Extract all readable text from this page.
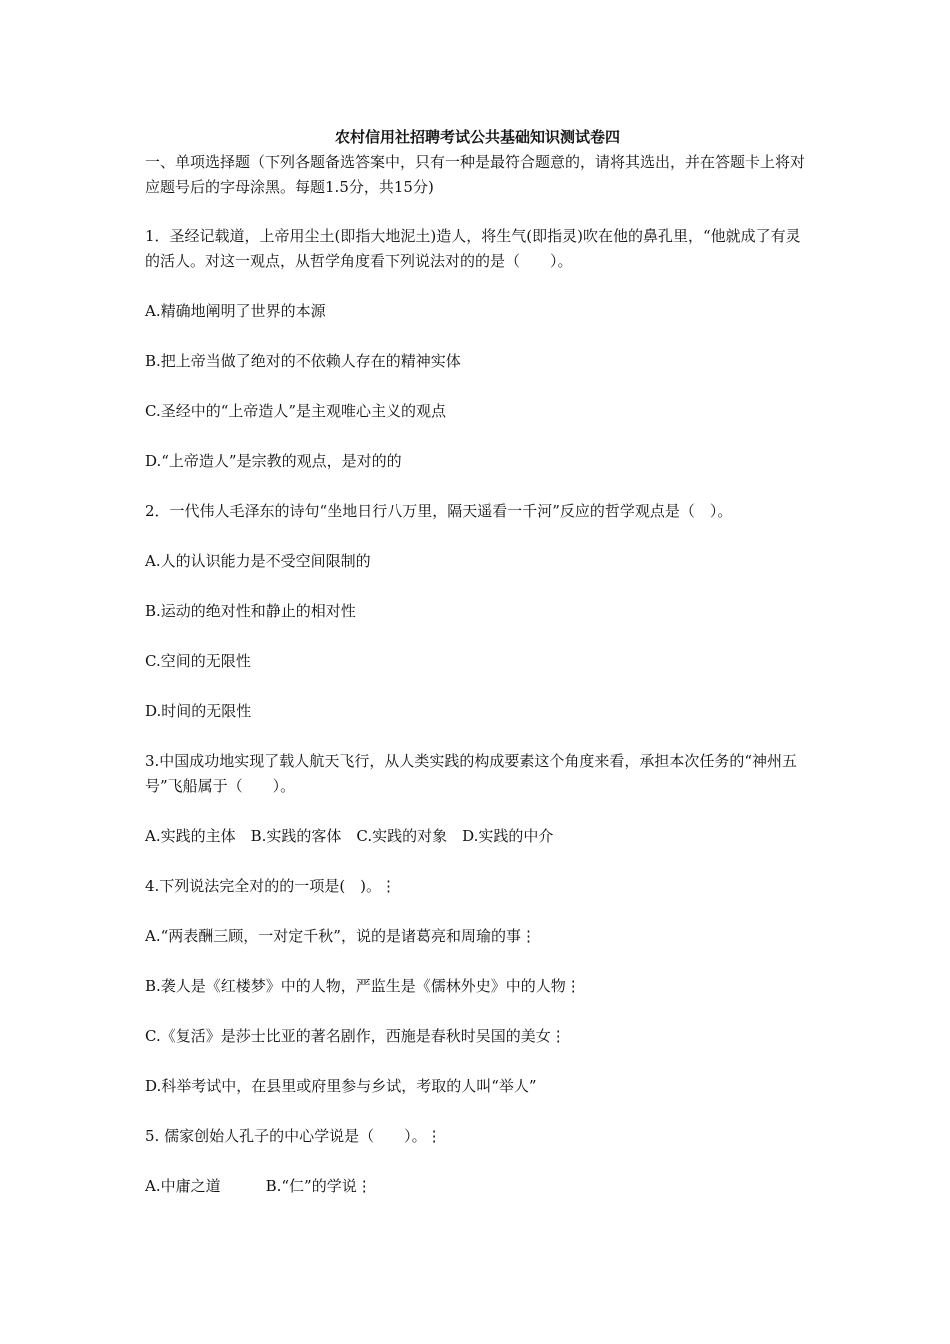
农村信用社招聘考试公共基础知识测试卷四

一、单项选择题（下列各题备选答案中，只有一种是最符合题意的，请将其选出，并在答题卡上将对应题号后的字母涂黑。每题1.5分，共15分)

1．圣经记载道，上帝用尘土(即指大地泥土)造人，将生气(即指灵)吹在他的鼻孔里，“他就成了有灵的活人。对这一观点，从哲学角度看下列说法对的的是（　　）。

A.精确地阐明了世界的本源

B.把上帝当做了绝对的不依赖人存在的精神实体

C.圣经中的“上帝造人”是主观唯心主义的观点

D.“上帝造人”是宗教的观点，是对的的

2．一代伟人毛泽东的诗句“坐地日行八万里，隔天遥看一千河”反应的哲学观点是（　）。

A.人的认识能力是不受空间限制的

B.运动的绝对性和静止的相对性

C.空间的无限性

D.时间的无限性

3.中国成功地实现了载人航天飞行，从人类实践的构成要素这个角度来看，承担本次任务的“神州五号”飞船属于（　　）。

A.实践的主体　B.实践的客体　C.实践的对象　D.实践的中介

4.下列说法完全对的的一项是(　)。⋮

A.“两表酬三顾，一对定千秋”，说的是诸葛亮和周瑜的事⋮

B.袭人是《红楼梦》中的人物，严监生是《儒林外史》中的人物⋮

C.《复活》是莎士比亚的著名剧作，西施是春秋时吴国的美女⋮

D.科举考试中，在县里或府里参与乡试，考取的人叫“举人”

5. 儒家创始人孔子的中心学说是（　　）。⋮

A.中庸之道　　　B.“仁”的学说⋮
